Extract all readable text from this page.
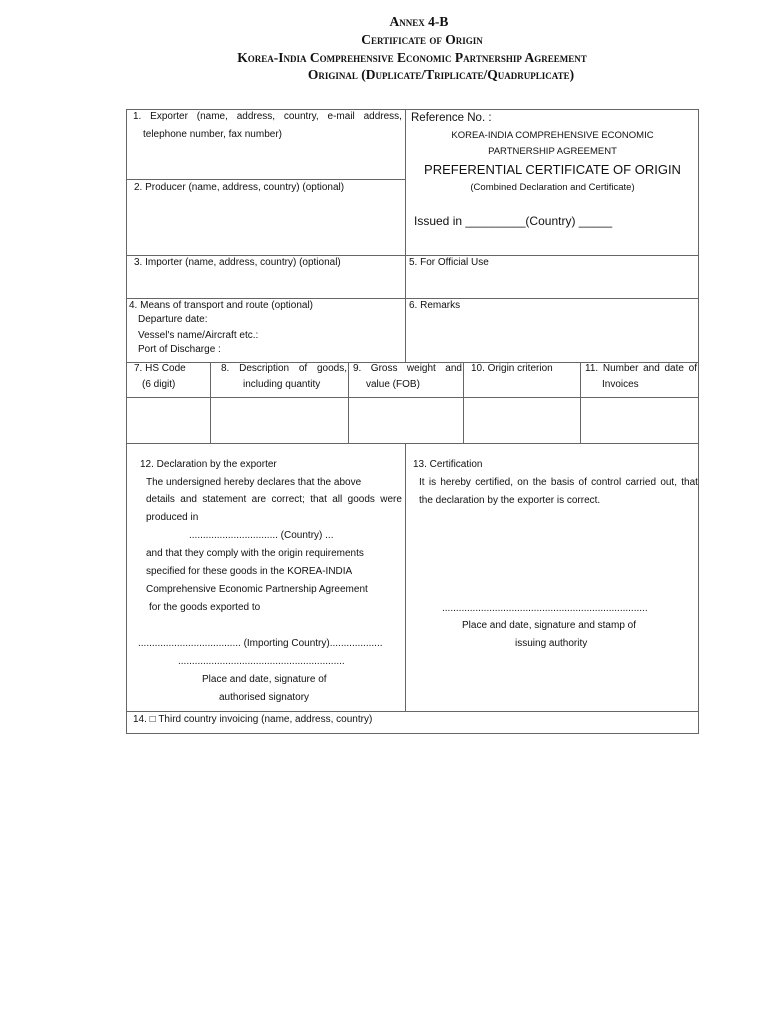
Annex 4-B
Certificate of Origin
Korea-India Comprehensive Economic Partnership Agreement
Original (Duplicate/Triplicate/Quadruplicate)
1. Exporter (name, address, country, e-mail address,
telephone number, fax number)
2. Producer (name, address, country) (optional)
Reference No. :
KOREA-INDIA COMPREHENSIVE ECONOMIC
PARTNERSHIP AGREEMENT
PREFERENTIAL CERTIFICATE OF ORIGIN
(Combined Declaration and Certificate)
Issued in _________(Country) _____
3. Importer (name, address, country) (optional)	5. For Official Use
4. Means of transport and route (optional)
Departure date:
Vessel's name/Aircraft etc.:
Port of Discharge :
6. Remarks
7. HS Code
(6 digit)
8. Description of goods,
including quantity
9. Gross weight and
value (FOB)
10. Origin criterion	11. Number and date of
Invoices
12. Declaration by the exporter
The undersigned hereby declares that the above
details and statement are correct; that all goods were
produced in
................................ (Country) ...
and that they comply with the origin requirements
specified for these goods in the KOREA-INDIA
Comprehensive Economic Partnership Agreement
for the goods exported to
..................................... (Importing Country)...................
............................................................
Place and date, signature of
authorised signatory
13. Certification
It is hereby certified, on the basis of control carried out, that
the declaration by the exporter is correct.
..........................................................................
Place and date, signature and stamp of
issuing authority
14. □ Third country invoicing (name, address, country)
